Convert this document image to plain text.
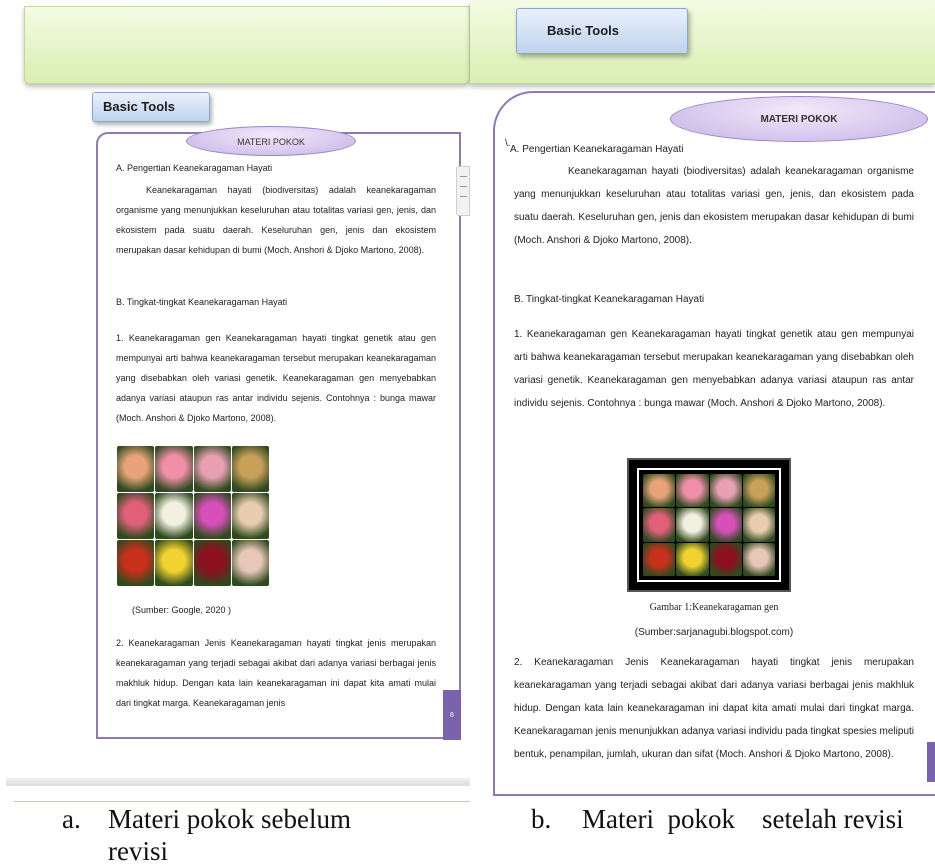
Basic Tools
MATERI POKOK
A. Pengertian Keanekaragaman Hayati
Keanekaragaman hayati (biodiversitas) adalah keanekaragaman organisme yang menunjukkan keseluruhan atau totalitas variasi gen, jenis, dan ekosistem pada suatu daerah. Keseluruhan gen, jenis dan ekosistem merupakan dasar kehidupan di bumi (Moch. Anshori & Djoko Martono, 2008).
B. Tingkat-tingkat Keanekaragaman Hayati
1. Keanekaragaman gen Keanekaragaman hayati tingkat genetik atau gen mempunyai arti bahwa keanekaragaman tersebut merupakan keanekaragaman yang disebabkan oleh variasi genetik. Keanekaragaman gen menyebabkan adanya variasi ataupun ras antar individu sejenis. Contohnya : bunga mawar (Moch. Anshori & Djoko Martono, 2008).
(Sumber: Google, 2020 )
2. Keanekaragaman Jenis Keanekaragaman hayati tingkat jenis merupakan keanekaragaman yang terjadi sebagai akibat dari adanya variasi berbagai jenis makhluk hidup. Dengan kata lain keanekaragaman ini dapat kita amati mulai dari tingkat marga. Keanekaragaman jenis
8
Basic Tools
MATERI POKOK
A. Pengertian Keanekaragaman Hayati
Keanekaragaman hayati (biodiversitas) adalah keanekaragaman organisme yang menunjukkan keseluruhan atau totalitas variasi gen, jenis, dan ekosistem pada suatu daerah. Keseluruhan gen, jenis dan ekosistem merupakan dasar kehidupan di bumi (Moch. Anshori & Djoko Martono, 2008).
B. Tingkat-tingkat Keanekaragaman Hayati
1. Keanekaragaman gen Keanekaragaman hayati tingkat genetik atau gen mempunyai arti bahwa keanekaragaman tersebut merupakan keanekaragaman yang disebabkan oleh variasi genetik. Keanekaragaman gen menyebabkan adanya variasi ataupun ras antar individu sejenis. Contohnya : bunga mawar (Moch. Anshori & Djoko Martono, 2008).
Gambar 1:Keanekaragaman gen
(Sumber:sarjanagubi.blogspot.com)
2. Keanekaragaman Jenis Keanekaragaman hayati tingkat jenis merupakan keanekaragaman yang terjadi sebagai akibat dari adanya variasi berbagai jenis makhluk hidup. Dengan kata lain keanekaragaman ini dapat kita amati mulai dari tingkat marga. Keanekaragaman jenis menunjukkan adanya variasi individu pada tingkat spesies meliputi bentuk, penampilan, jumlah, ukuran dan sifat (Moch. Anshori & Djoko Martono, 2008).
\.
a. Materi pokok sebelum revisi
b. Materi  pokok    setelah revisi
